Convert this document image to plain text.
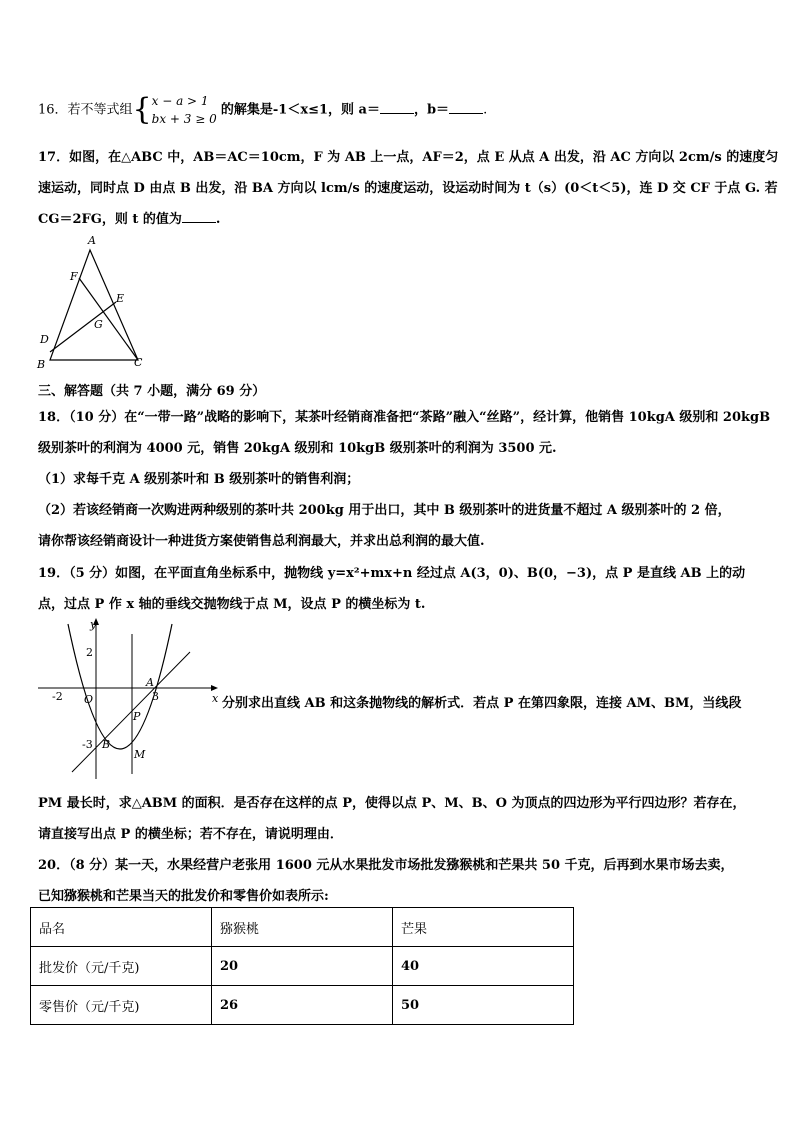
16．若不等式组{x − a > 1
bx + 3 ≥ 0 的解集是-1＜x≤1，则 a＝	，b＝	.
17．如图，在△ABC 中，AB＝AC＝10cm，F 为 AB 上一点，AF＝2，点 E 从点 A 出发，沿 AC 方向以 2cm/s 的速度匀
速运动，同时点 D 由点 B 出发，沿 BA 方向以 lcm/s 的速度运动，设运动时间为 t（s）(0＜t＜5)，连 D 交 CF 于点 G. 若
CG＝2FG，则 t 的值为	.
A
F
E
G
D
B	C
三、解答题（共 7 小题，满分 69 分）
18．（10 分）在“一带一路”战略的影响下，某茶叶经销商准备把“茶路”融入“丝路”，经计算，他销售 10kgA 级别和 20kgB
级别茶叶的利润为 4000 元，销售 20kgA 级别和 10kgB 级别茶叶的利润为 3500 元.
（1）求每千克 A 级别茶叶和 B 级别茶叶的销售利润；
（2）若该经销商一次购进两种级别的茶叶共 200kg 用于出口，其中 B 级别茶叶的进货量不超过 A 级别茶叶的 2 倍，
请你帮该经销商设计一种进货方案使销售总利润最大，并求出总利润的最大值.
19．（5 分）如图，在平面直角坐标系中，抛物线 y=x²+mx+n 经过点 A(3，0)、B(0，−3)，点 P 是直线 AB 上的动
点，过点 P 作 x 轴的垂线交抛物线于点 M，设点 P 的横坐标为 t.
y
x
2
-2 O
A
3
P
-3 B
M
分别求出直线 AB 和这条抛物线的解析式．若点 P 在第四象限，连接 AM、BM，当线段
PM 最长时，求△ABM 的面积．是否存在这样的点 P，使得以点 P、M、B、O 为顶点的四边形为平行四边形？若存在，
请直接写出点 P 的横坐标；若不存在，请说明理由．
20．（8 分）某一天，水果经营户老张用 1600 元从水果批发市场批发猕猴桃和芒果共 50 千克，后再到水果市场去卖，
已知猕猴桃和芒果当天的批发价和零售价如表所示:
品名	猕猴桃	芒果
批发价（元/千克)	20	40
零售价（元/千克)	26	50
